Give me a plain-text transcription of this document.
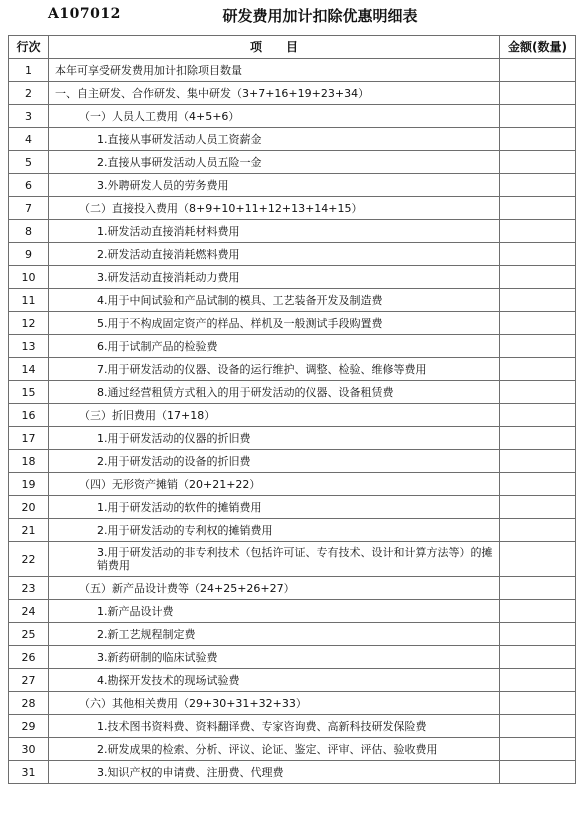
A107012	研发费用加计扣除优惠明细表
行次	项　　目	金额(数量)
1	本年可享受研发费用加计扣除项目数量	
2	一、自主研发、合作研发、集中研发（3+7+16+19+23+34）	
3	（一）人员人工费用（4+5+6）	
4	1.直接从事研发活动人员工资薪金	
5	2.直接从事研发活动人员五险一金	
6	3.外聘研发人员的劳务费用	
7	（二）直接投入费用（8+9+10+11+12+13+14+15）	
8	1.研发活动直接消耗材料费用	
9	2.研发活动直接消耗燃料费用	
10	3.研发活动直接消耗动力费用	
11	4.用于中间试验和产品试制的模具、工艺装备开发及制造费	
12	5.用于不构成固定资产的样品、样机及一般测试手段购置费	
13	6.用于试制产品的检验费	
14	7.用于研发活动的仪器、设备的运行维护、调整、检验、维修等费用	
15	8.通过经营租赁方式租入的用于研发活动的仪器、设备租赁费	
16	（三）折旧费用（17+18）	
17	1.用于研发活动的仪器的折旧费	
18	2.用于研发活动的设备的折旧费	
19	（四）无形资产摊销（20+21+22）	
20	1.用于研发活动的软件的摊销费用	
21	2.用于研发活动的专利权的摊销费用	
22	3.用于研发活动的非专利技术（包括许可证、专有技术、设计和计算方法等）的摊销费用	
23	（五）新产品设计费等（24+25+26+27）	
24	1.新产品设计费	
25	2.新工艺规程制定费	
26	3.新药研制的临床试验费	
27	4.勘探开发技术的现场试验费	
28	（六）其他相关费用（29+30+31+32+33）	
29	1.技术图书资料费、资料翻译费、专家咨询费、高新科技研发保险费	
30	2.研发成果的检索、分析、评议、论证、鉴定、评审、评估、验收费用	
31	3.知识产权的申请费、注册费、代理费	
